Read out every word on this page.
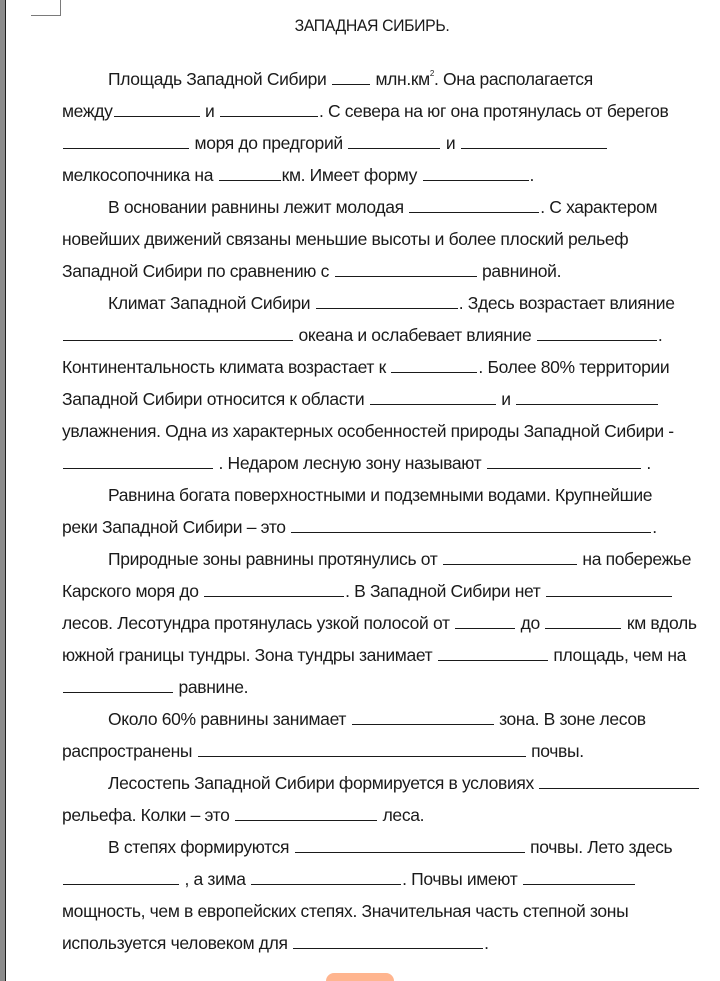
ЗАПАДНАЯ СИБИРЬ.
Площадь Западной Сибири  $млн.км^2$. Она располагается
между	и	. С севера на юг она протянулась от берегов
моря до предгорий	и
мелкосопочника на	км. Имеет форму	.
В основании равнины лежит молодая	. С характером
новейших движений связаны меньшие высоты и более плоский рельеф
Западной Сибири по сравнению с	равниной.
Климат Западной Сибири	. Здесь возрастает влияние
океана и ослабевает влияние	.
Континентальность климата возрастает к	. Более 80% территории
Западной Сибири относится к области	и
увлажнения. Одна из характерных особенностей природы Западной Сибири -
. Недаром лесную зону называют	.
Равнина богата поверхностными и подземными водами. Крупнейшие
реки Западной Сибири – это	.
Природные зоны равнины протянулись от	на побережье
Карского моря до	. В Западной Сибири нет
лесов. Лесотундра протянулась узкой полосой от	до	км вдоль
южной границы тундры. Зона тундры занимает	площадь, чем на
равнине.
Около 60% равнины занимает	зона. В зоне лесов
распространены	почвы.
Лесостепь Западной Сибири формируется в условиях
рельефа. Колки – это	леса.
В степях формируются	почвы. Лето здесь
, а зима	. Почвы имеют
мощность, чем в европейских степях. Значительная часть степной зоны
используется человеком для	.
